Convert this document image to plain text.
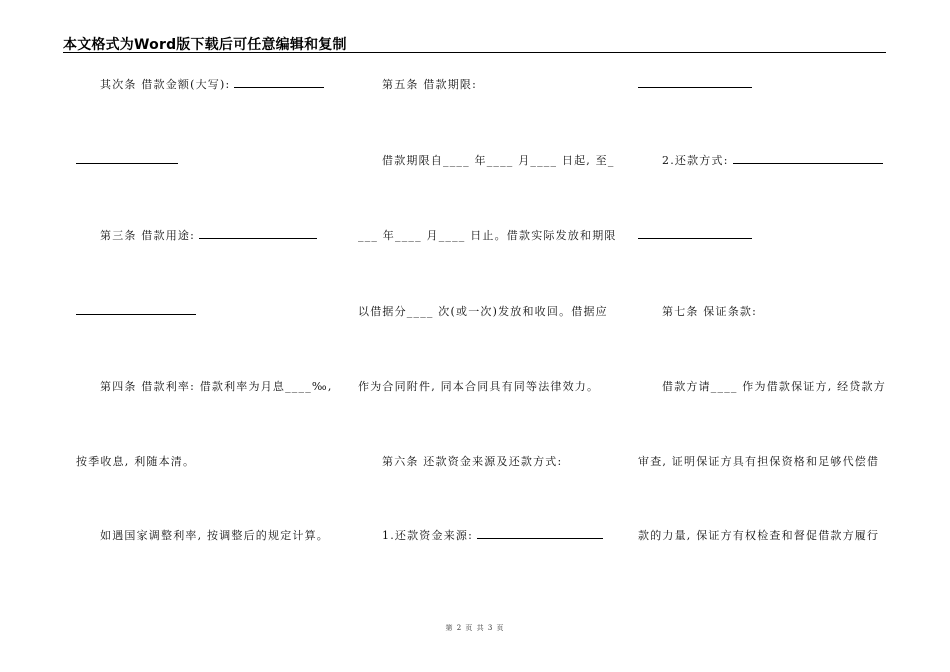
本文格式为Word版下载后可任意编辑和复制
其次条 借款金额(大写):
第三条 借款用途:
第四条 借款利率: 借款利率为月息____‰,
按季收息, 利随本清。
如遇国家调整利率, 按调整后的规定计算。
第五条 借款期限:
借款期限自____ 年____ 月____ 日起, 至_
___ 年____ 月____ 日止。借款实际发放和期限
以借据分____ 次(或一次)发放和收回。借据应
作为合同附件, 同本合同具有同等法律效力。
第六条 还款资金来源及还款方式:
1.还款资金来源:
2.还款方式:
第七条 保证条款:
借款方请____ 作为借款保证方, 经贷款方
审查, 证明保证方具有担保资格和足够代偿借
款的力量, 保证方有权检查和督促借款方履行
第 2 页 共 3 页
